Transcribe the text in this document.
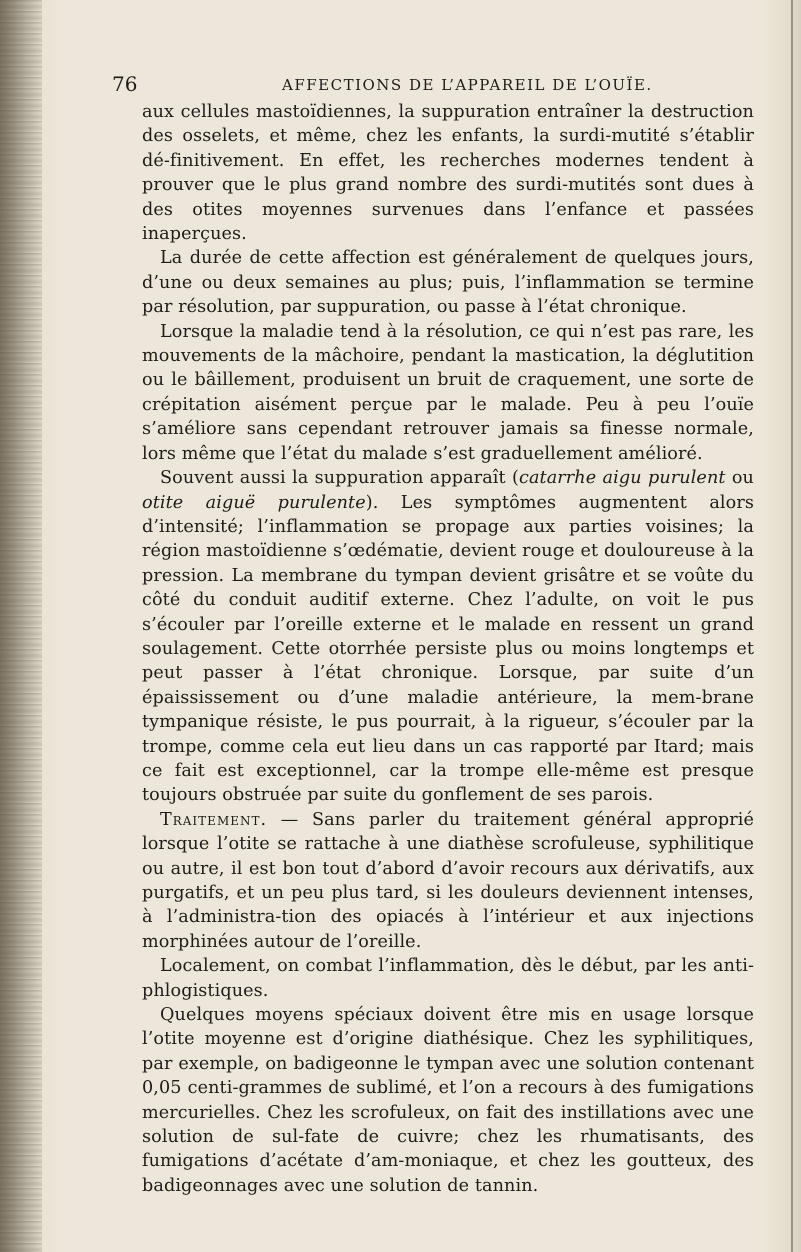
76	AFFECTIONS DE L’APPAREIL DE L’OUÏE.

aux cellules mastoïdiennes, la suppuration entraîner la destruction des osselets, et même, chez les enfants, la surdi-mutité s’établir dé-finitivement. En effet, les recherches modernes tendent à prouver que le plus grand nombre des surdi-mutités sont dues à des otites moyennes survenues dans l’enfance et passées inaperçues.

La durée de cette affection est généralement de quelques jours, d’une ou deux semaines au plus; puis, l’inflammation se termine par résolution, par suppuration, ou passe à l’état chronique.

Lorsque la maladie tend à la résolution, ce qui n’est pas rare, les mouvements de la mâchoire, pendant la mastication, la déglutition ou le bâillement, produisent un bruit de craquement, une sorte de crépitation aisément perçue par le malade. Peu à peu l’ouïe s’améliore sans cependant retrouver jamais sa finesse normale, lors même que l’état du malade s’est graduellement amélioré.

Souvent aussi la suppuration apparaît (catarrhe aigu purulent ou otite aiguë purulente). Les symptômes augmentent alors d’intensité; l’inflammation se propage aux parties voisines; la région mastoïdienne s’œdématie, devient rouge et douloureuse à la pression. La membrane du tympan devient grisâtre et se voûte du côté du conduit auditif externe. Chez l’adulte, on voit le pus s’écouler par l’oreille externe et le malade en ressent un grand soulagement. Cette otorrhée persiste plus ou moins longtemps et peut passer à l’état chronique. Lorsque, par suite d’un épaississement ou d’une maladie antérieure, la mem-brane tympanique résiste, le pus pourrait, à la rigueur, s’écouler par la trompe, comme cela eut lieu dans un cas rapporté par Itard; mais ce fait est exceptionnel, car la trompe elle-même est presque toujours obstruée par suite du gonflement de ses parois.

Traitement. — Sans parler du traitement général approprié lorsque l’otite se rattache à une diathèse scrofuleuse, syphilitique ou autre, il est bon tout d’abord d’avoir recours aux dérivatifs, aux purgatifs, et un peu plus tard, si les douleurs deviennent intenses, à l’administra-tion des opiacés à l’intérieur et aux injections morphinées autour de l’oreille.

Localement, on combat l’inflammation, dès le début, par les anti-phlogistiques.

Quelques moyens spéciaux doivent être mis en usage lorsque l’otite moyenne est d’origine diathésique. Chez les syphilitiques, par exemple, on badigeonne le tympan avec une solution contenant 0,05 centi-grammes de sublimé, et l’on a recours à des fumigations mercurielles. Chez les scrofuleux, on fait des instillations avec une solution de sul-fate de cuivre; chez les rhumatisants, des fumigations d’acétate d’am-moniaque, et chez les goutteux, des badigeonnages avec une solution de tannin.
